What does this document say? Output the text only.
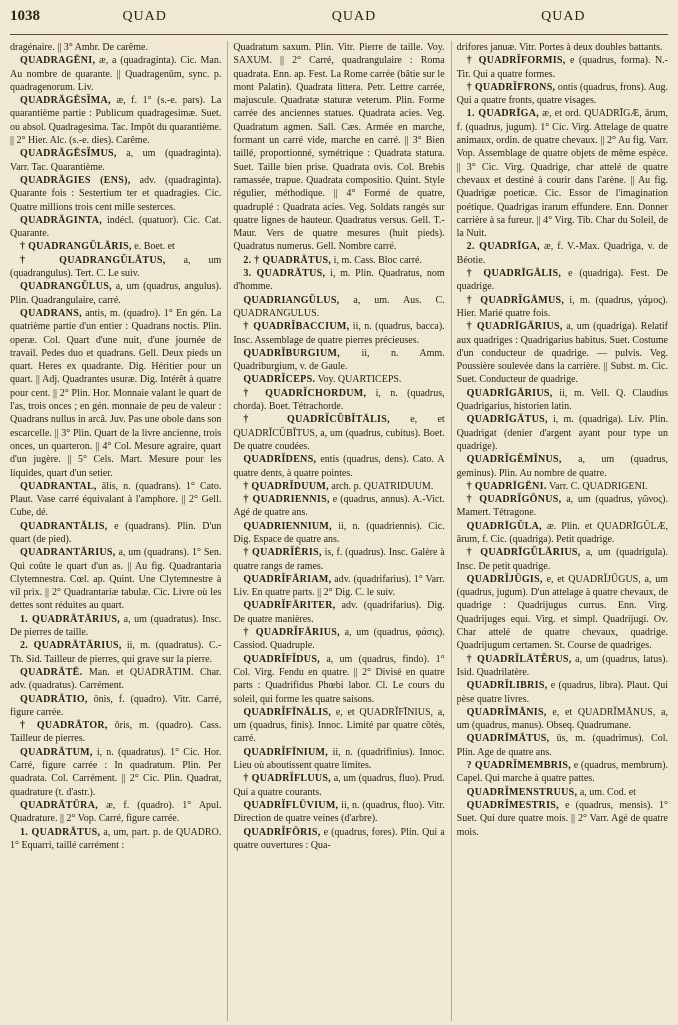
1038	QUAD	QUAD	QUAD

dragénaire. || 3° Ambr. De carême.

QUADRAGĒNI, æ, a (quadraginta). Cic. Man. Au nombre de quarante. || Quadragenūm, sync. p. quadragenorum. Liv.

QUADRĀGĒSĬMA, æ, f. 1° (s.-e. pars). La quarantième partie : Publicum quadragesimæ. Suet. ou absol. Quadragesima. Tac. Impôt du quarantième. || 2° Hier. Alc. (s.-e. dies). Carême.

QUADRĀGĒSĬMUS, a, um (quadraginta). Varr. Tac. Quarantième.

QUADRĀGIES (ENS), adv. (quadraginta). Quarante fois : Sestertium ter et quadragies. Cic. Quatre millions trois cent mille sesterces.

QUADRĀGINTA, indécl. (quatuor). Cic. Cat. Quarante.

† QUADRANGŬLĀRIS, e. Boet. et

† QUADRANGŬLĀTUS, a, um (quadrangulus). Tert. C. Le suiv.

QUADRANGŬLUS, a, um (quadrus, angulus). Plin. Quadrangulaire, carré.

QUADRANS, antis, m. (quadro). 1° En gén. La quatrième partie d'un entier : Quadrans noctis. Plin. operæ. Col. Quart d'une nuit, d'une journée de travail. Pedes duo et quadrans. Gell. Deux pieds un quart. Heres ex quadrante. Dig. Héritier pour un quart. || Adj. Quadrantes usuræ. Dig. Intérêt à quatre pour cent. || 2° Plin. Hor. Monnaie valant le quart de l'as, trois onces ; en gén. monnaie de peu de valeur : Quadrans nullus in arcâ. Juv. Pas une obole dans son escarcelle. || 3° Plin. Quart de la livre ancienne, trois onces, un quarteron. || 4° Col. Mesure agraire, quart d'un jugère. || 5° Cels. Mart. Mesure pour les liquides, quart d'un setier.

QUADRANTAL, ālis, n. (quadrans). 1° Cato. Plaut. Vase carré équivalant à l'amphore. || 2° Gell. Cube, dé.

QUADRANTĀLIS, e (quadrans). Plin. D'un quart (de pied).

QUADRANTĀRIUS, a, um (quadrans). 1° Sen. Qui coûte le quart d'un as. || Au fig. Quadrantaria Clytemnestra. Cœl. ap. Quint. Une Clytemnestre à vil prix. || 2° Quadrantariæ tabulæ. Cic. Livre où les dettes sont réduites au quart.

1. QUADRĀTĀRIUS, a, um (quadratus). Insc. De pierres de taille.

2. QUADRĀTĀRIUS, ii, m. (quadratus). C.-Th. Sid. Tailleur de pierres, qui grave sur la pierre.

QUADRĀTĒ. Man. et QUADRĀTIM. Char. adv. (quadratus). Carrément.

QUADRĀTIO, ōnis, f. (quadro). Vitr. Carré, figure carrée.

† QUADRĀTOR, ōris, m. (quadro). Cass. Tailleur de pierres.

QUADRĀTUM, i, n. (quadratus). 1° Cic. Hor. Carré, figure carrée : In quadratum. Plin. Per quadrata. Col. Carrément. || 2° Cic. Plin. Quadrat, quadrature (t. d'astr.).

QUADRĀTŪRA, æ, f. (quadro). 1° Apul. Quadrature. || 2° Vop. Carré, figure carrée.

1. QUADRĀTUS, a, um, part. p. de QUADRO. 1° Equarri, taillé carrément :

Quadratum saxum. Plin. Vitr. Pierre de taille. Voy. SAXUM. || 2° Carré, quadrangulaire : Roma quadrata. Enn. ap. Fest. La Rome carrée (bâtie sur le mont Palatin). Quadrata littera. Petr. Lettre carrée, majuscule. Quadratæ staturæ veterum. Plin. Forme carrée des anciennes statues. Quadrata acies. Veg. Quadratum agmen. Sall. Cæs. Armée en marche, formant un carré vide, marche en carré. || 3° Bien taillé, proportionné, symétrique : Quadrata statura. Suet. Taille bien prise. Quadrata ovis. Col. Brebis ramassée, trapue. Quadrata compositio. Quint. Style régulier, méthodique. || 4° Formé de quatre, quadruplé : Quadrata acies. Veg. Soldats rangés sur quatre lignes de hauteur. Quadratus versus. Gell. T.-Maur. Vers de quatre mesures (huit pieds). Quadratus numerus. Gell. Nombre carré.

2. † QUADRĀTUS, i, m. Cass. Bloc carré.

3. QUADRĀTUS, i, m. Plin. Quadratus, nom d'homme.

QUADRIANGŬLUS, a, um. Aus. C. QUADRANGULUS.

† QUADRĬBACCIUM, ii, n. (quadrus, bacca). Insc. Assemblage de quatre pierres précieuses.

QUADRĬBURGIUM, ii, n. Amm. Quadriburgium, v. de Gaule.

QUADRĬCEPS. Voy. QUARTICEPS.

† QUADRĬCHORDUM, i, n. (quadrus, chorda). Boet. Tétrachorde.

† QUADRĬCŬBĬTĀLIS, e, et QUADRĬCŬBĬTUS, a, um (quadrus, cubitus). Boet. De quatre coudées.

QUADRĬDENS, entis (quadrus, dens). Cato. A quatre dents, à quatre pointes.

† QUADRĬDUUM, arch. p. QUATRIDUUM.

† QUADRIENNIS, e (quadrus, annus). A.-Vict. Agé de quatre ans.

QUADRIENNIUM, ii, n. (quadriennis). Cic. Dig. Espace de quatre ans.

† QUADRĬĒRIS, is, f. (quadrus). Insc. Galère à quatre rangs de rames.

QUADRĬFĀRIAM, adv. (quadrifarius). 1° Varr. Liv. En quatre parts. || 2° Dig. C. le suiv.

QUADRĬFĀRITER, adv. (quadrifarius). Dig. De quatre manières.

† QUADRĬFĀRIUS, a, um (quadrus, φάσις). Cassiod. Quadruple.

QUADRĬFĬDUS, a, um (quadrus, findo). 1° Col. Virg. Fendu en quatre. || 2° Divisé en quatre parts : Quadrifidus Phœbi labor. Cl. Le cours du soleil, qui forme les quatre saisons.

QUADRĬFĪNĀLIS, e, et QUADRĬFĪNIUS, a, um (quadrus, finis). Innoc. Limité par quatre côtés, carré.

QUADRĬFĪNIUM, ii, n. (quadrifinius). Innoc. Lieu où aboutissent quatre limites.

† QUADRĬFLUUS, a, um (quadrus, fluo). Prud. Qui a quatre courants.

QUADRĬFLŪVIUM, ii, n. (quadrus, fluo). Vitr. Direction de quatre veines (d'arbre).

QUADRĬFŌRIS, e (quadrus, fores). Plin. Qui a quatre ouvertures : Qua-

drifores januæ. Vitr. Portes à deux doubles battants.

† QUADRĬFORMIS, e (quadrus, forma). N.-Tir. Qui a quatre formes.

† QUADRĬFRONS, ontis (quadrus, frons). Aug. Qui a quatre fronts, quatre visages.

1. QUADRĪGA, æ, et ord. QUADRĪGÆ, ārum, f. (quadrus, jugum). 1° Cic. Virg. Attelage de quatre animaux, ordin. de quatre chevaux. || 2° Au fig. Varr. Vop. Assemblage de quatre objets de même espèce. || 3° Cic. Virg. Quadrige, char attelé de quatre chevaux et destiné à courir dans l'arène. || Au fig. Quadrigæ poeticæ. Cic. Essor de l'imagination poétique. Quadrigas irarum effundere. Enn. Donner carrière à sa fureur. || 4° Virg. Tib. Char du Soleil, de la Nuit.

2. QUADRĪGA, æ, f. V.-Max. Quadriga, v. de Béotie.

† QUADRĪGĀLIS, e (quadriga). Fest. De quadrige.

† QUADRĬGĀMUS, i, m. (quadrus, γάμος). Hier. Marié quatre fois.

† QUADRĪGĀRIUS, a, um (quadriga). Relatif aux quadriges : Quadrigarius habitus. Suet. Costume d'un conducteur de quadrige. — pulvis. Veg. Poussière soulevée dans la carrière. || Subst. m. Cic. Suet. Conducteur de quadrige.

QUADRĪGĀRIUS, ii, m. Vell. Q. Claudius Quadrigarius, historien latin.

QUADRĪGĀTUS, i, m. (quadriga). Liv. Plin. Quadrigat (denier d'argent ayant pour type un quadrige).

QUADRĬGĔMĬNUS, a, um (quadrus, geminus). Plin. Au nombre de quatre.

† QUADRĪGĒNI. Varr. C. QUADRIGENI.

† QUADRĬGŌNUS, a, um (quadrus, γῶνος). Mamert. Tétragone.

QUADRĪGŬLA, æ. Plin. et QUADRĪGŬLÆ, ārum, f. Cic. (quadriga). Petit quadrige.

† QUADRĪGŬLĀRIUS, a, um (quadrigula). Insc. De petit quadrige.

QUADRĬJŪGIS, e, et QUADRĬJŪGUS, a, um (quadrus, jugum). D'un attelage à quatre chevaux, de quadrige : Quadrijugus currus. Enn. Virg. Quadrijuges equi. Virg. et simpl. Quadrijugi. Ov. Char attelé de quatre chevaux, quadrige. Quadrijugum certamen. St. Course de quadriges.

† QUADRĬLĀTĔRUS, a, um (quadrus, latus). Isid. Quadrilatère.

QUADRĬLIBRIS, e (quadrus, libra). Plaut. Qui pèse quatre livres.

QUADRĬMĀNIS, e, et QUADRĬMĀNUS, a, um (quadrus, manus). Obseq. Quadrumane.

QUADRĪMĀTUS, ūs, m. (quadrimus). Col. Plin. Age de quatre ans.

? QUADRĬMEMBRIS, e (quadrus, membrum). Capel. Qui marche à quatre pattes.

QUADRĬMENSTRUUS, a, um. Cod. et

QUADRĬMESTRIS, e (quadrus, mensis). 1° Suet. Qui dure quatre mois. || 2° Varr. Agé de quatre mois.
